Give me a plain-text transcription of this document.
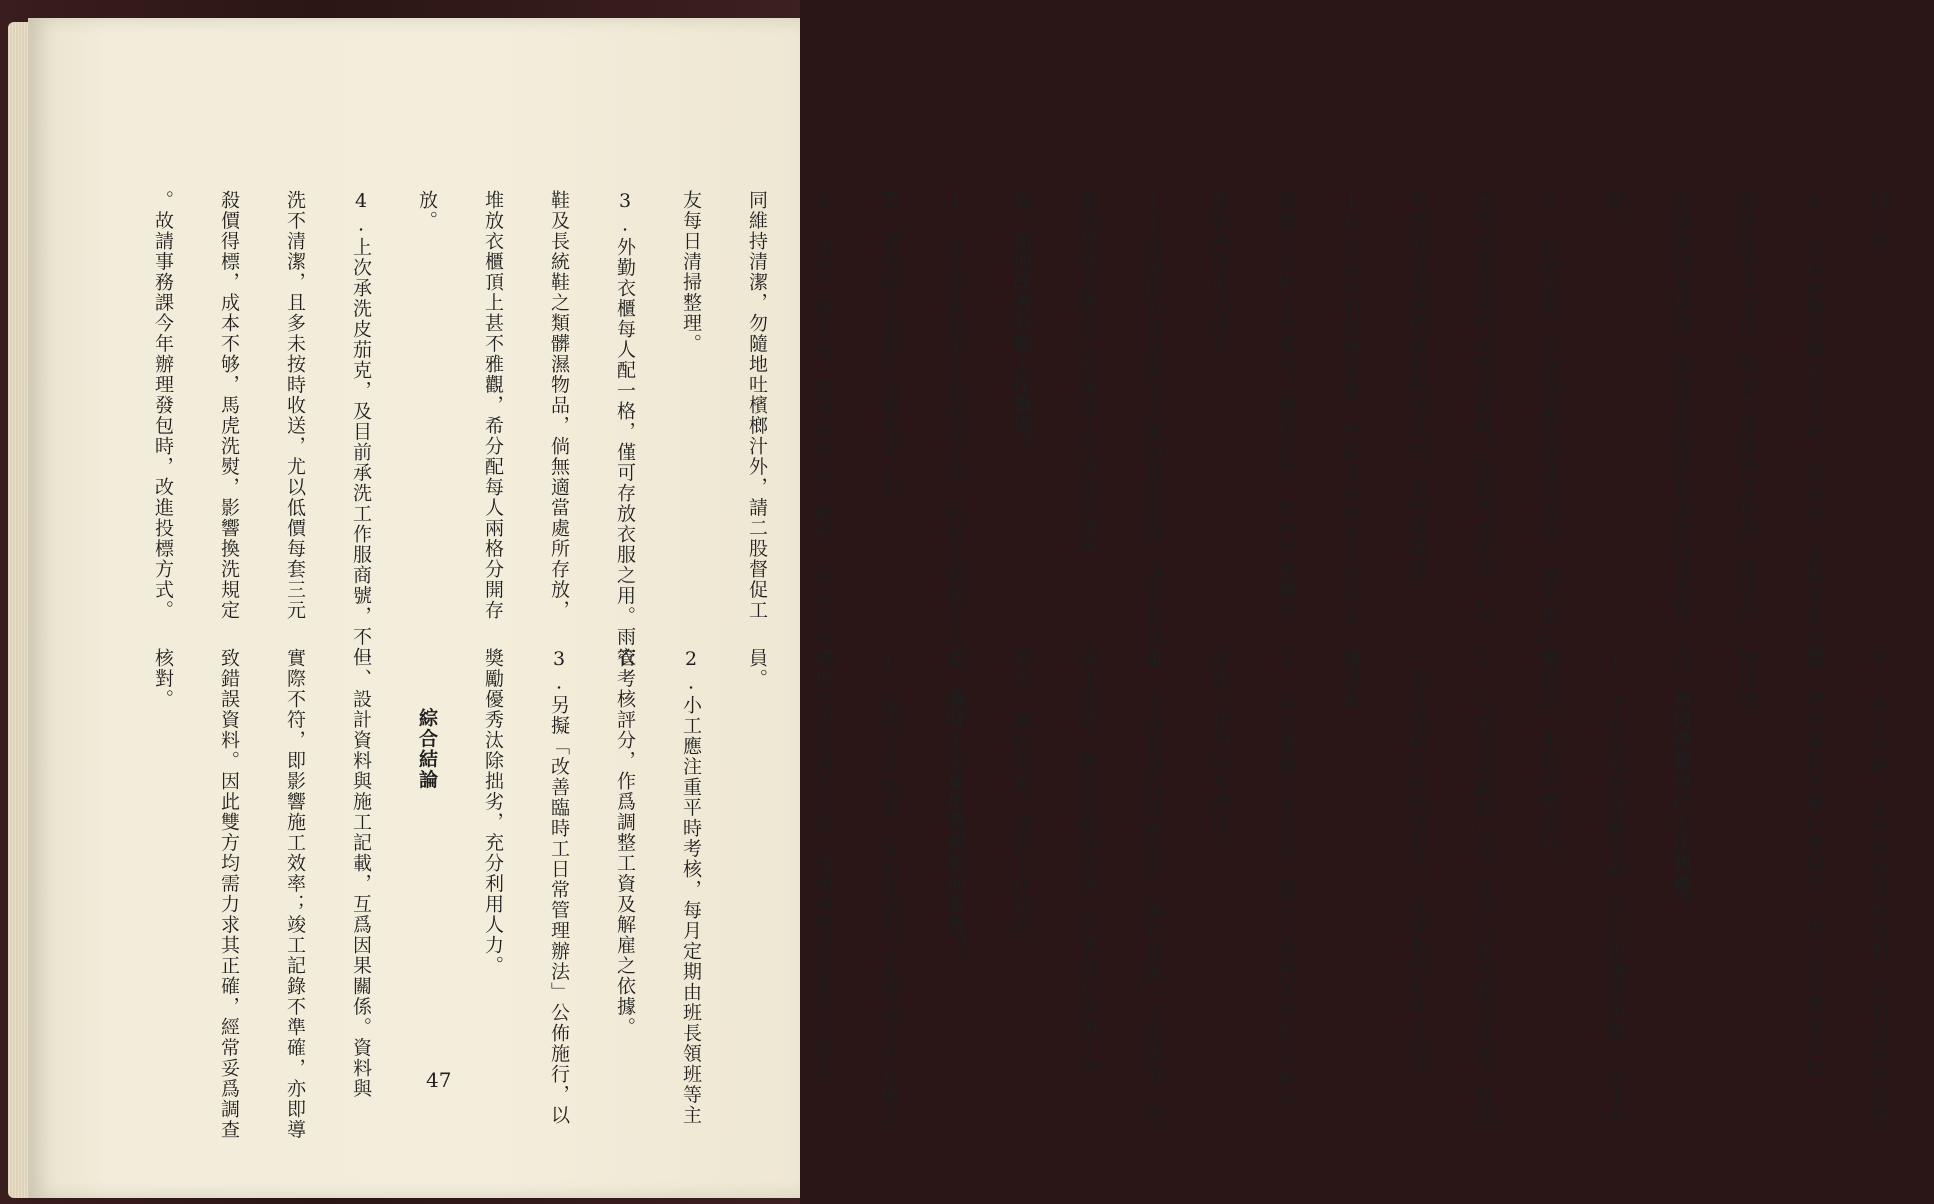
纜心線。

8.目前使用之隔電細卡釘，其形狀、金屬品質及塑

膠絕緣墊等不佳，爲室內線障碍之根源。建請改

良採用鋼質製造，絕緣墊改用堅靭的套筒式塑膠

墊。

9.佈放電纜，若遇跨越馬路或障碍物，應利用已有

吊線或架設臨時吊線或麻繩，張掛滑車佈放，請

勿佈放路面或擦過阻碍物拖拉，而損傷電纜。

10若因材料供應不繼，暫時未按標準工法施工，而

變通方法施工的處所，應作記錄，俟料到後儘速

重新再作正式施工。

11發現因材料品質不良而引起的障碍，請各班長負

責採集樣品繳交三股彙送工程師研究處理。

五、如何改善外勤工作環境？

1.各工作班於出工前或收工後，爲施工聯繫上之需

要，請在候工室裝設公務電話乙部。

2.更衣、候工室、厠所和洗衣台骯髒，除需大家共

同維持清潔，勿隨地吐檳榔汁外，請二股督促工

友每日清掃整理。

3.外勤衣櫃每人配一格，僅可存放衣服之用。雨衣

鞋及長統鞋之類髒濕物品，倘無適當處所存放，

堆放衣櫃頂上甚不雅觀，希分配每人兩格分開存

放。

4.上次承洗皮茄克，及目前承洗工作服商號，不但

洗不清潔，且多未按時收送，尤以低價每套三元

殺價得標，成本不够，馬虎洗熨，影響換洗規定

。故請事務課今年辦理發包時，改進投標方式。

5.各工作班，工餘線頭或拆收料，材料包裝紙箱等

物，請勿隨便丟棄停車場內，由二股負責維持環

境清潔。

六、如何誘發同仁工作興趣？

1.工餘多舉辦康樂活動，同仁如遭遇困難，多予關

懷協助，平時培養感情。

2.同事直系血親亡故，或同仁遭受重大災害，宜統

一派代表前往吊唁或慰問，並發起捐助等予以同

等照顧。

3.經常溝通上下意見，建立心甘情願的負責氣氛，

鼓勵自我訓練及發展。

4.工作勤勞技術優良者，適時獎勵；工作懶散，表

現不佳者，應加以勸導改善。切實執行各項工作

競賽，適時獎勵，鼓舞工作情緒。

七、臨時工之雇用管理如何改善？

1.臨時工之雇用，宜由班長以上主管或工作有優良

表現之正式員工介紹，選用身體强壯品性良好人

員。

2.小工應注重平時考核，每月定期由班長領班等主

管考核評分，作爲調整工資及解雇之依據。

3.另擬「改善臨時工日常管理辦法」公佈施行，以

獎勵優秀汰除拙劣，充分利用人力。

綜合結論

一、設計資料與施工記載，互爲因果關係。資料與

實際不符，即影響施工效率；竣工記錄不準確，亦即導

致錯誤資料。因此雙方均需力求其正確，經常妥爲調查

核對。

47
